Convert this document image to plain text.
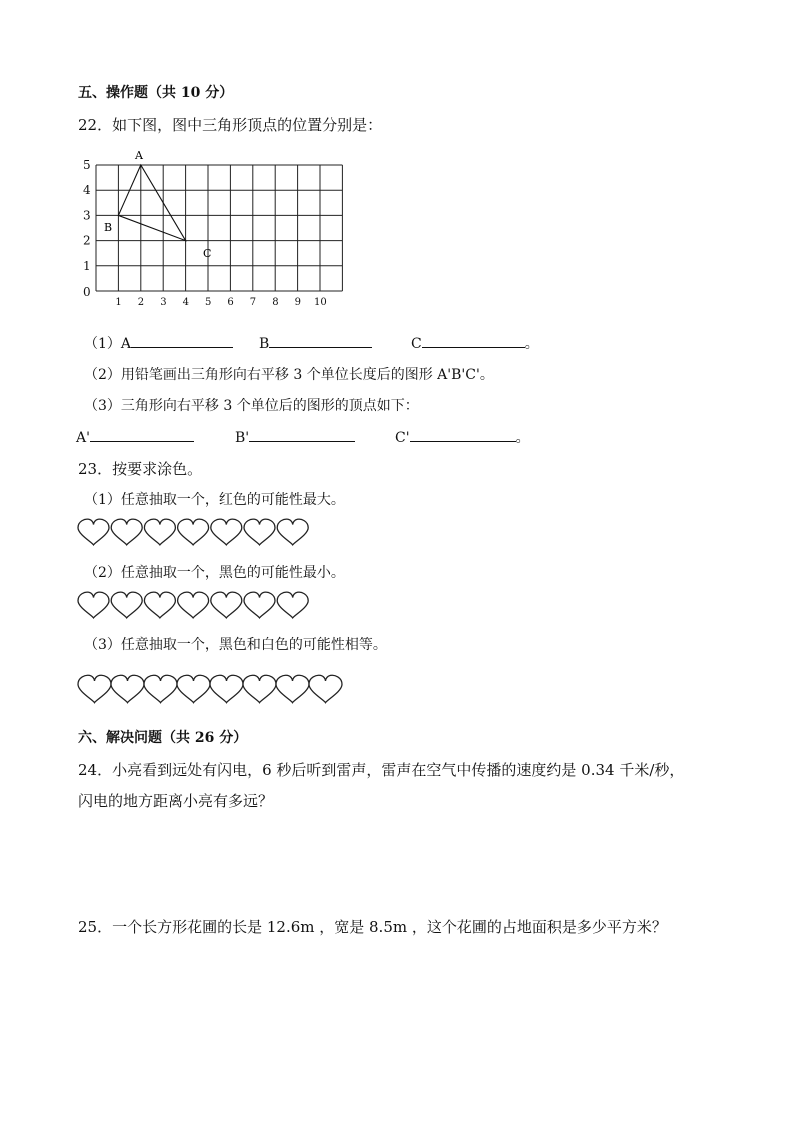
五、操作题（共 10 分）
22．如下图，图中三角形顶点的位置分别是：
0
1
2
3
4
5
1 2 3 4 5 6 7 8 9 10
A
B
C
（1）A	B	C	。
（2）用铅笔画出三角形向右平移 3 个单位长度后的图形 A'B'C'。
（3）三角形向右平移 3 个单位后的图形的顶点如下：
A'	B'	C'	。
23．按要求涂色。
（1）任意抽取一个，红色的可能性最大。
（2）任意抽取一个，黑色的可能性最小。
（3）任意抽取一个，黑色和白色的可能性相等。
六、解决问题（共 26 分）
24．小亮看到远处有闪电，6 秒后听到雷声，雷声在空气中传播的速度约是 0.34 千米/秒，
闪电的地方距离小亮有多远？
25．一个长方形花圃的长是 12.6m ，宽是 8.5m ，这个花圃的占地面积是多少平方米？
